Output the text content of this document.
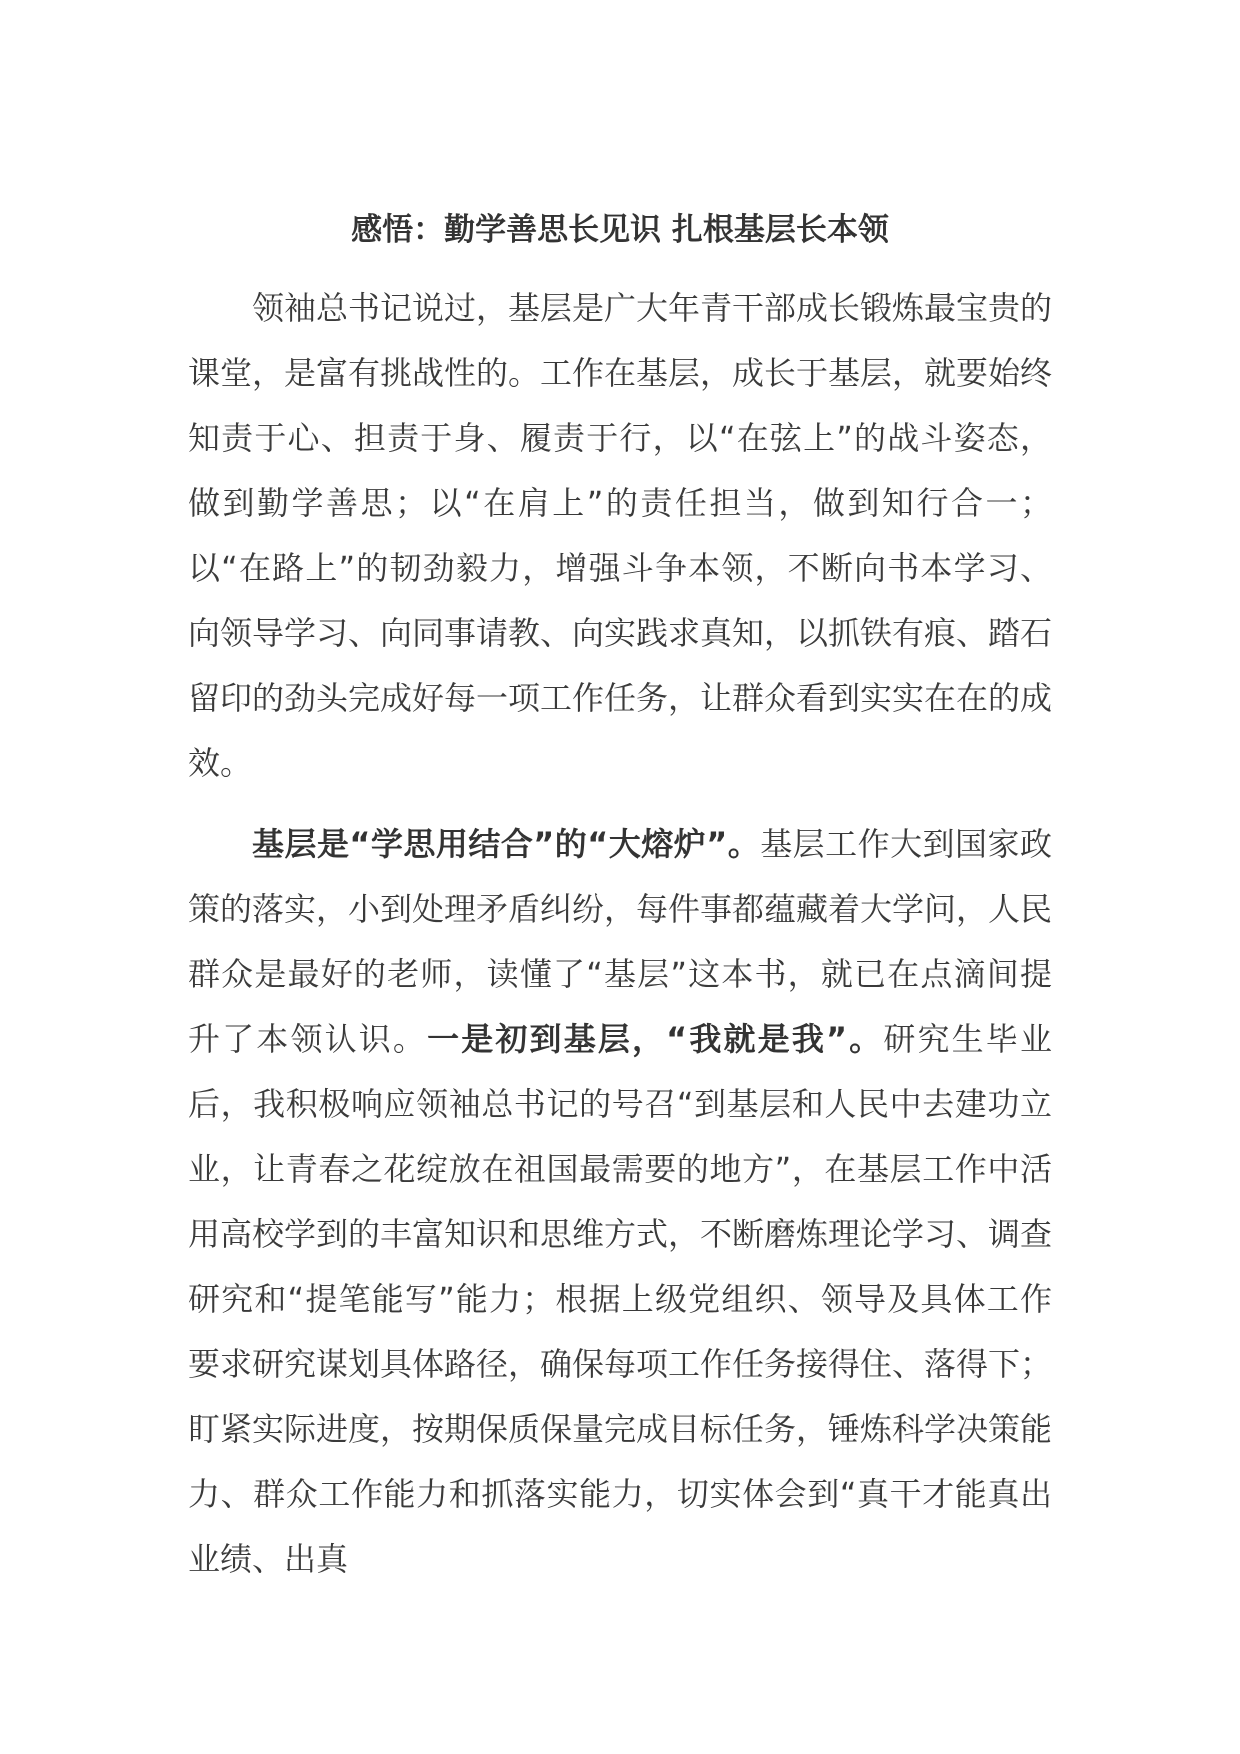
感悟：勤学善思长见识 扎根基层长本领

领袖总书记说过，基层是广大年青干部成长锻炼最宝贵的课堂，是富有挑战性的。工作在基层，成长于基层，就要始终知责于心、担责于身、履责于行，以“在弦上”的战斗姿态，做到勤学善思；以“在肩上”的责任担当，做到知行合一；以“在路上”的韧劲毅力，增强斗争本领，不断向书本学习、向领导学习、向同事请教、向实践求真知，以抓铁有痕、踏石留印的劲头完成好每一项工作任务，让群众看到实实在在的成效。

基层是“学思用结合”的“大熔炉”。基层工作大到国家政策的落实，小到处理矛盾纠纷，每件事都蕴藏着大学问，人民群众是最好的老师，读懂了“基层”这本书，就已在点滴间提升了本领认识。一是初到基层，“我就是我”。研究生毕业后，我积极响应领袖总书记的号召“到基层和人民中去建功立业，让青春之花绽放在祖国最需要的地方”，在基层工作中活用高校学到的丰富知识和思维方式，不断磨炼理论学习、调查研究和“提笔能写”能力；根据上级党组织、领导及具体工作要求研究谋划具体路径，确保每项工作任务接得住、落得下；盯紧实际进度，按期保质保量完成目标任务，锤炼科学决策能力、群众工作能力和抓落实能力，切实体会到“真干才能真出业绩、出真
